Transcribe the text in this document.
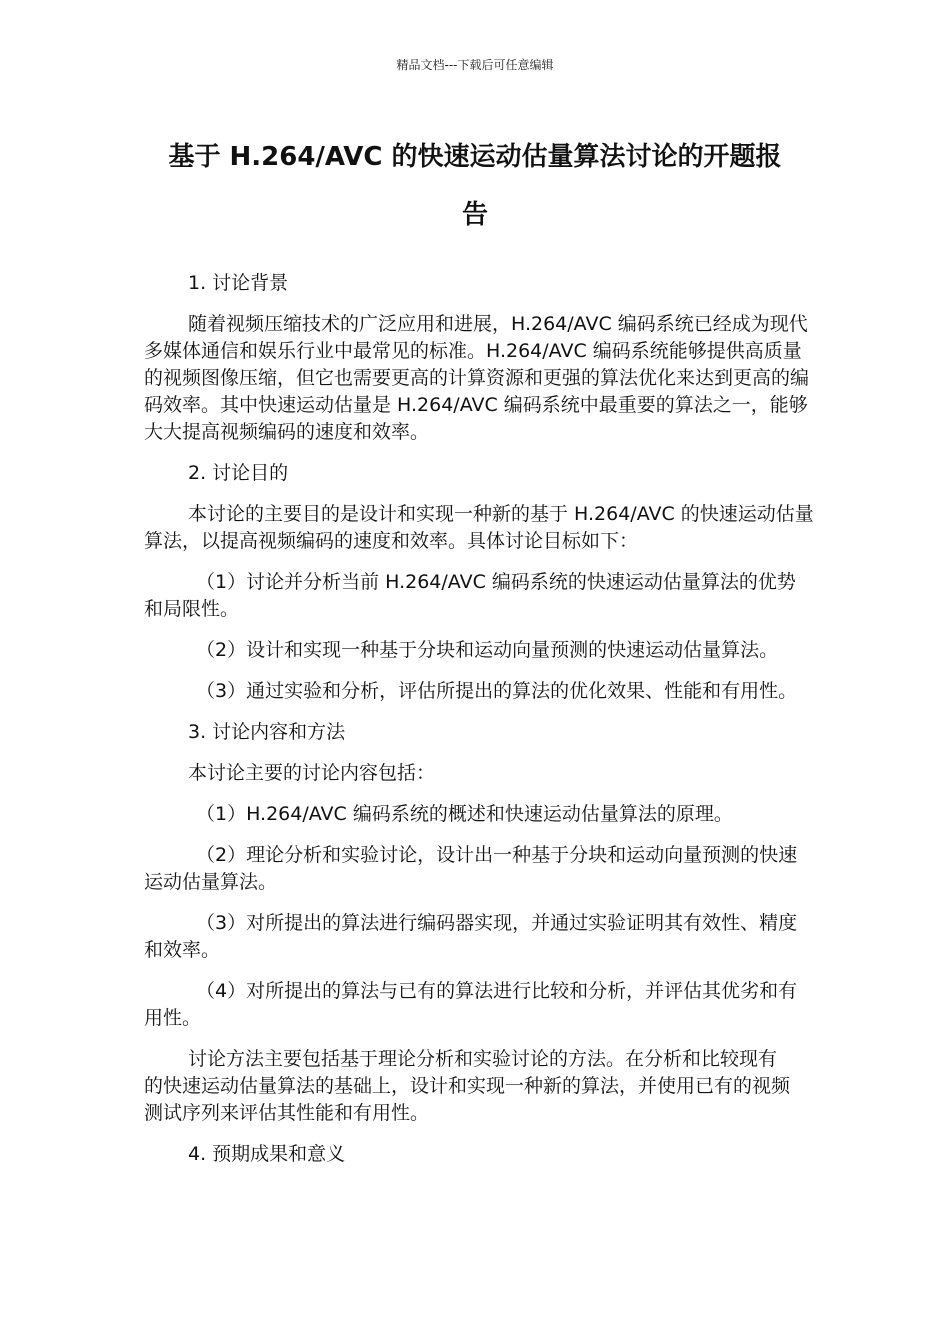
精品文档---下载后可任意编辑
基于 H.264/AVC 的快速运动估量算法讨论的开题报
告

1. 讨论背景

随着视频压缩技术的广泛应用和进展，H.264/AVC 编码系统已经成为现代多媒体通信和娱乐行业中最常见的标准。H.264/AVC 编码系统能够提供高质量的视频图像压缩，但它也需要更高的计算资源和更强的算法优化来达到更高的编码效率。其中快速运动估量是 H.264/AVC 编码系统中最重要的算法之一，能够大大提高视频编码的速度和效率。

2. 讨论目的

本讨论的主要目的是设计和实现一种新的基于 H.264/AVC 的快速运动估量算法，以提高视频编码的速度和效率。具体讨论目标如下：

（1）讨论并分析当前 H.264/AVC 编码系统的快速运动估量算法的优势和局限性。

（2）设计和实现一种基于分块和运动向量预测的快速运动估量算法。

（3）通过实验和分析，评估所提出的算法的优化效果、性能和有用性。

3. 讨论内容和方法

本讨论主要的讨论内容包括：

（1）H.264/AVC 编码系统的概述和快速运动估量算法的原理。

（2）理论分析和实验讨论，设计出一种基于分块和运动向量预测的快速运动估量算法。

（3）对所提出的算法进行编码器实现，并通过实验证明其有效性、精度和效率。

（4）对所提出的算法与已有的算法进行比较和分析，并评估其优劣和有用性。

讨论方法主要包括基于理论分析和实验讨论的方法。在分析和比较现有的快速运动估量算法的基础上，设计和实现一种新的算法，并使用已有的视频测试序列来评估其性能和有用性。

4. 预期成果和意义
